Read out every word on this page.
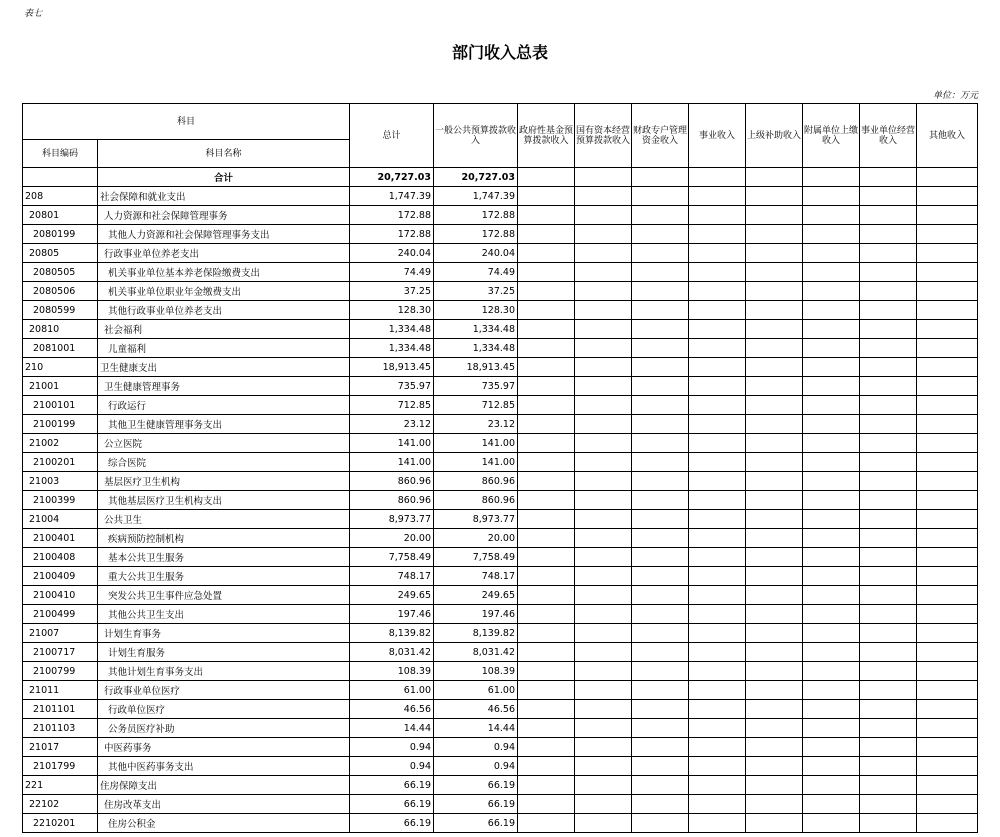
表七
部门收入总表
单位：万元
科目		总计	一般公共预算拨款收入	政府性基金预算拨款收入	国有资本经营预算拨款收入	财政专户管理资金收入	事业收入	上级补助收入	附属单位上缴收入	事业单位经营收入	其他收入
科目编码	科目名称										
	合计	20,727.03	20,727.03								
208	社会保障和就业支出	1,747.39	1,747.39								
20801	人力资源和社会保障管理事务	172.88	172.88								
2080199	其他人力资源和社会保障管理事务支出	172.88	172.88								
20805	行政事业单位养老支出	240.04	240.04								
2080505	机关事业单位基本养老保险缴费支出	74.49	74.49								
2080506	机关事业单位职业年金缴费支出	37.25	37.25								
2080599	其他行政事业单位养老支出	128.30	128.30								
20810	社会福利	1,334.48	1,334.48								
2081001	儿童福利	1,334.48	1,334.48								
210	卫生健康支出	18,913.45	18,913.45								
21001	卫生健康管理事务	735.97	735.97								
2100101	行政运行	712.85	712.85								
2100199	其他卫生健康管理事务支出	23.12	23.12								
21002	公立医院	141.00	141.00								
2100201	综合医院	141.00	141.00								
21003	基层医疗卫生机构	860.96	860.96								
2100399	其他基层医疗卫生机构支出	860.96	860.96								
21004	公共卫生	8,973.77	8,973.77								
2100401	疾病预防控制机构	20.00	20.00								
2100408	基本公共卫生服务	7,758.49	7,758.49								
2100409	重大公共卫生服务	748.17	748.17								
2100410	突发公共卫生事件应急处置	249.65	249.65								
2100499	其他公共卫生支出	197.46	197.46								
21007	计划生育事务	8,139.82	8,139.82								
2100717	计划生育服务	8,031.42	8,031.42								
2100799	其他计划生育事务支出	108.39	108.39								
21011	行政事业单位医疗	61.00	61.00								
2101101	行政单位医疗	46.56	46.56								
2101103	公务员医疗补助	14.44	14.44								
21017	中医药事务	0.94	0.94								
2101799	其他中医药事务支出	0.94	0.94								
221	住房保障支出	66.19	66.19								
22102	住房改革支出	66.19	66.19								
2210201	住房公积金	66.19	66.19								
